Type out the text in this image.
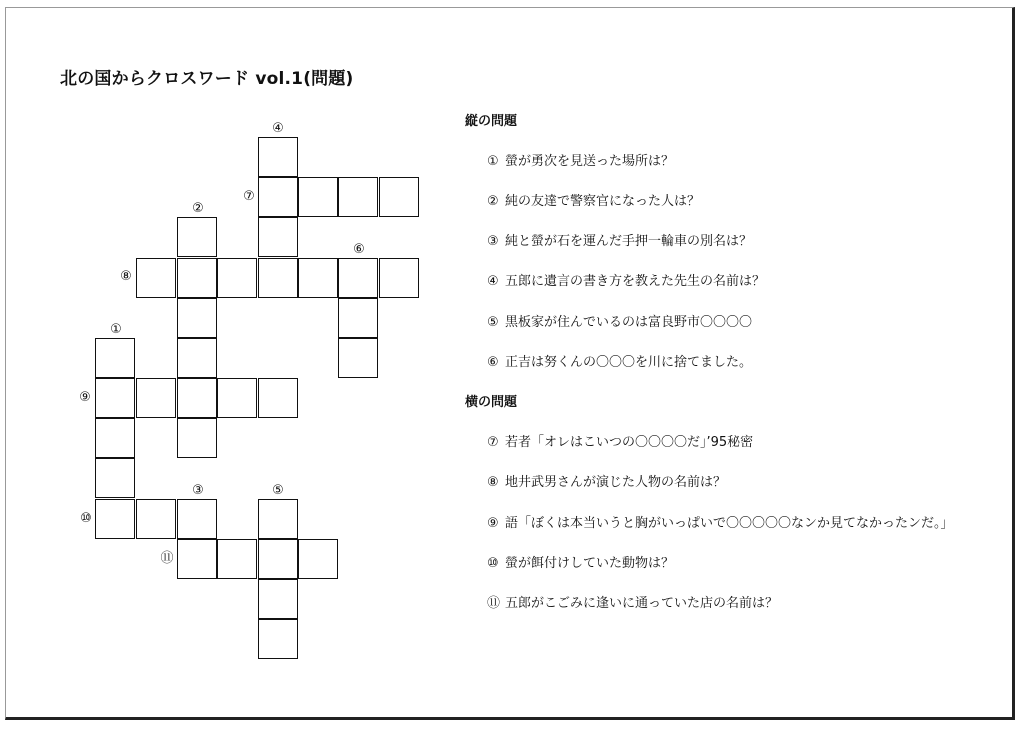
北の国からクロスワード vol.1(問題)
④
⑦
②
⑥
⑧
①
⑨
③	⑤
⑩
⑪
縦の問題
① 螢が勇次を見送った場所は？
② 純の友達で警察官になった人は？
③ 純と螢が石を運んだ手押一輪車の別名は？
④ 五郎に遺言の書き方を教えた先生の名前は？
⑤ 黒板家が住んでいるのは富良野市〇〇〇〇
⑥ 正吉は努くんの〇〇〇を川に捨てました。
横の問題
⑦ 若者「オレはこいつの〇〇〇〇だ」’95秘密
⑧ 地井武男さんが演じた人物の名前は？
⑨ 語「ぼくは本当いうと胸がいっぱいで〇〇〇〇〇なンか見てなかったンだ。」
⑩ 螢が餌付けしていた動物は？
⑪ 五郎がこごみに逢いに通っていた店の名前は？
